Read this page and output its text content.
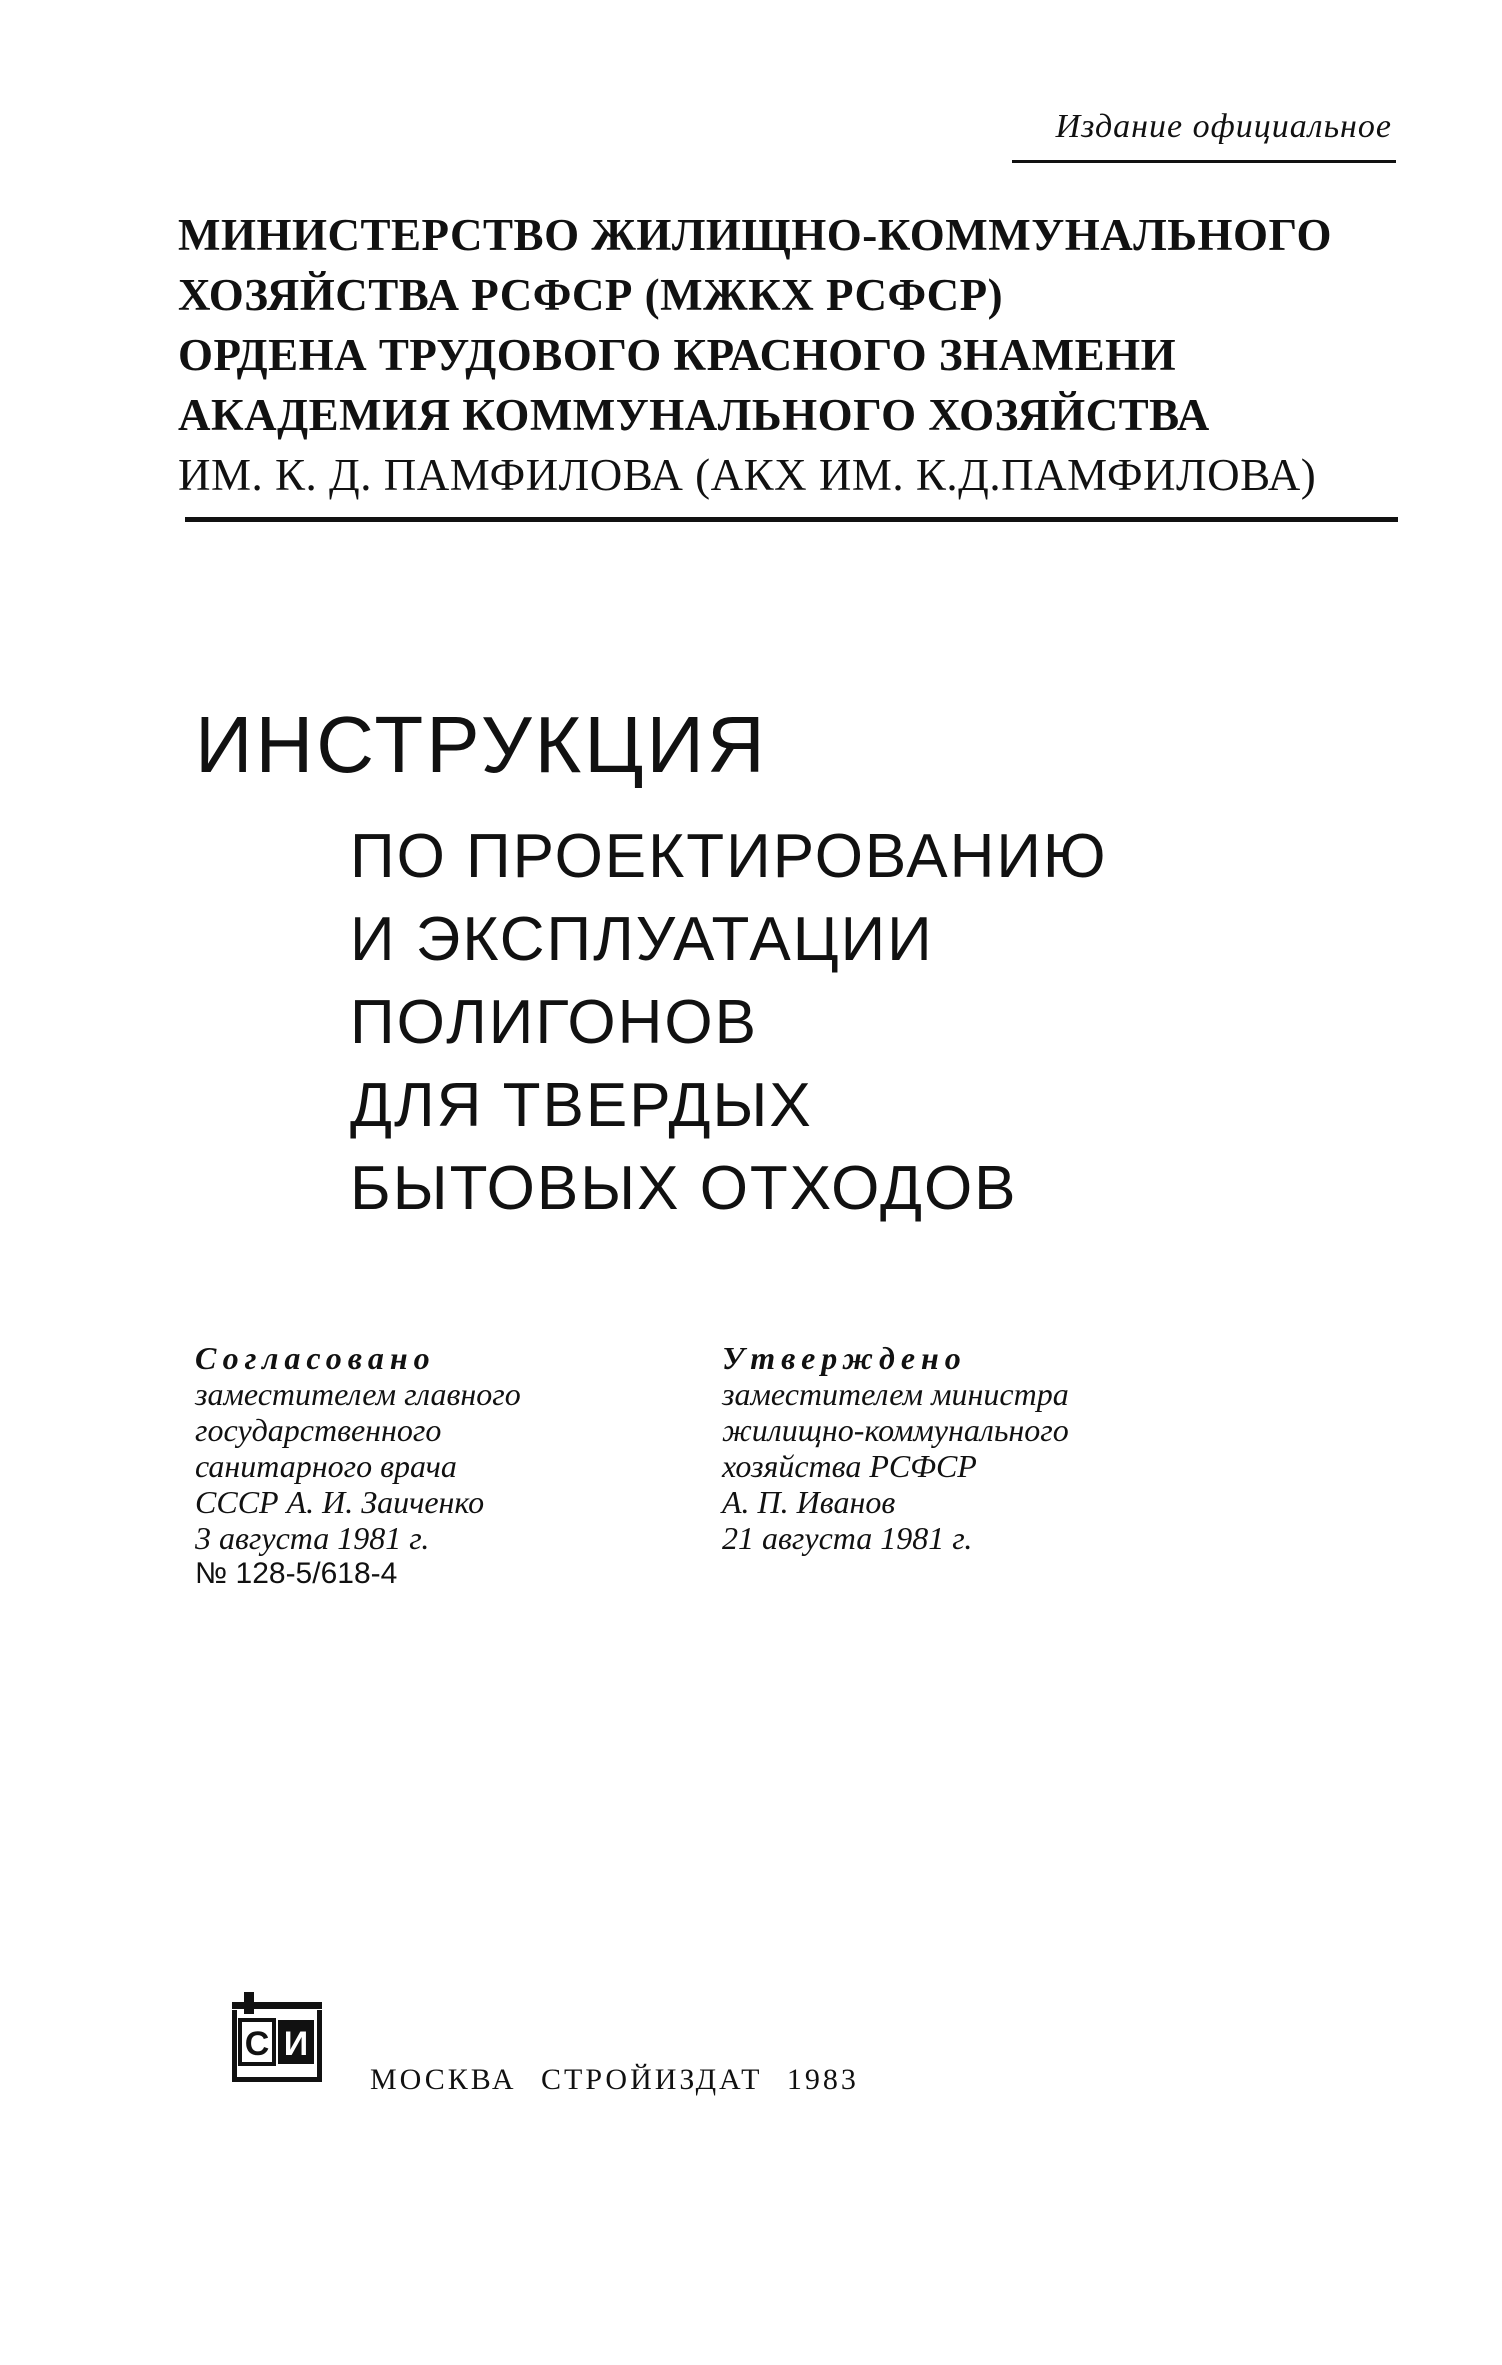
Издание официальное
МИНИСТЕРСТВО ЖИЛИЩНО-КОММУНАЛЬНОГО
ХОЗЯЙСТВА РСФСР (МЖКХ РСФСР)
ОРДЕНА ТРУДОВОГО КРАСНОГО ЗНАМЕНИ
АКАДЕМИЯ КОММУНАЛЬНОГО ХОЗЯЙСТВА
ИМ. К. Д. ПАМФИЛОВА (АКХ ИМ. К.Д.ПАМФИЛОВА)
ИНСТРУКЦИЯ
ПО ПРОЕКТИРОВАНИЮ
И ЭКСПЛУАТАЦИИ
ПОЛИГОНОВ
ДЛЯ ТВЕРДЫХ
БЫТОВЫХ ОТХОДОВ
Согласовано
заместителем главного
государственного
санитарного врача
СССР А. И. Заиченко
3 августа 1981 г.
№ 128-5/618-4
Утверждено
заместителем министра
жилищно-коммунального
хозяйства РСФСР
А. П. Иванов
21 августа 1981 г.
С И
МОСКВА СТРОЙИЗДАТ 1983
